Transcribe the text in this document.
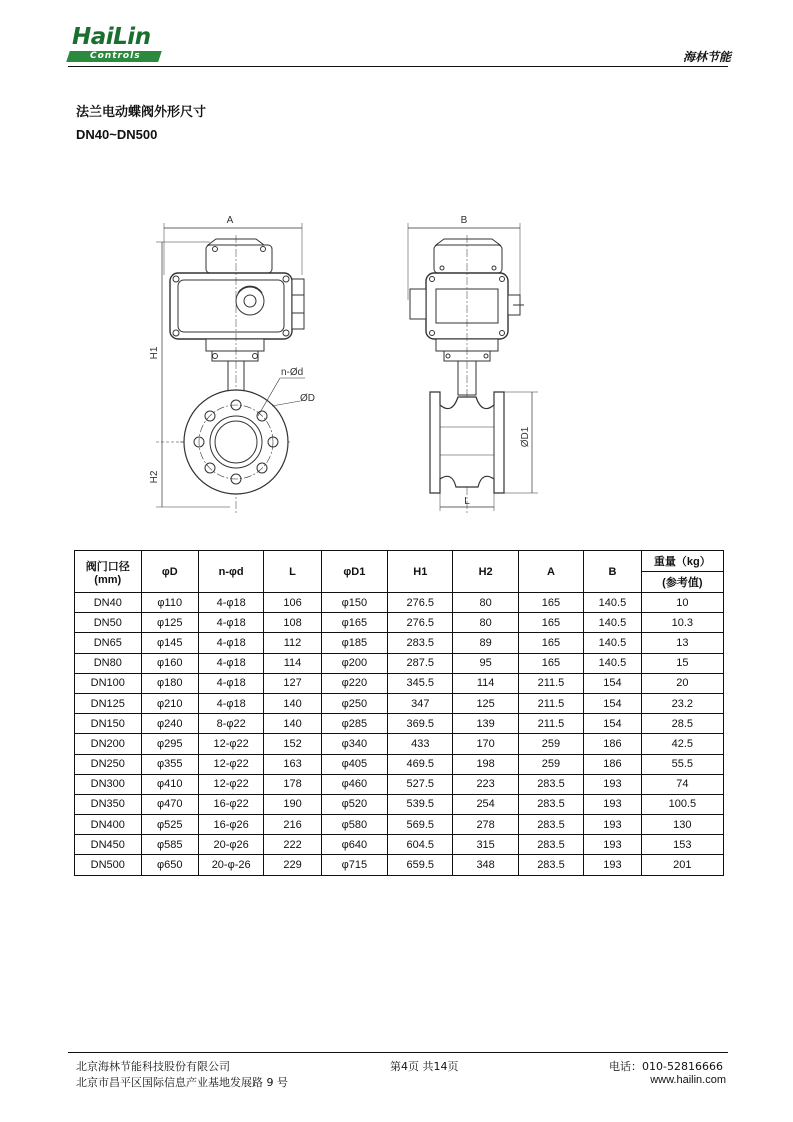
HaiLin
Controls	海林节能
法兰电动蝶阀外形尺寸
DN40~DN500
A
H1
H2
n-Ød
ØD
B
ØD1
L
阀门口径
(mm)	φD	n-φd	L	φD1	H1	H2	A	B	重量（kg）
									(参考值)
DN40	φ110	4-φ18	106	φ150	276.5	80	165	140.5	10
DN50	φ125	4-φ18	108	φ165	276.5	80	165	140.5	10.3
DN65	φ145	4-φ18	112	φ185	283.5	89	165	140.5	13
DN80	φ160	4-φ18	114	φ200	287.5	95	165	140.5	15
DN100	φ180	4-φ18	127	φ220	345.5	114	211.5	154	20
DN125	φ210	4-φ18	140	φ250	347	125	211.5	154	23.2
DN150	φ240	8-φ22	140	φ285	369.5	139	211.5	154	28.5
DN200	φ295	12-φ22	152	φ340	433	170	259	186	42.5
DN250	φ355	12-φ22	163	φ405	469.5	198	259	186	55.5
DN300	φ410	12-φ22	178	φ460	527.5	223	283.5	193	74
DN350	φ470	16-φ22	190	φ520	539.5	254	283.5	193	100.5
DN400	φ525	16-φ26	216	φ580	569.5	278	283.5	193	130
DN450	φ585	20-φ26	222	φ640	604.5	315	283.5	193	153
DN500	φ650	20-φ-26	229	φ715	659.5	348	283.5	193	201
北京海林节能科技股份有限公司
北京市昌平区国际信息产业基地发展路 9 号
第4页 共14页	电话：010-52816666
www.hailin.com
